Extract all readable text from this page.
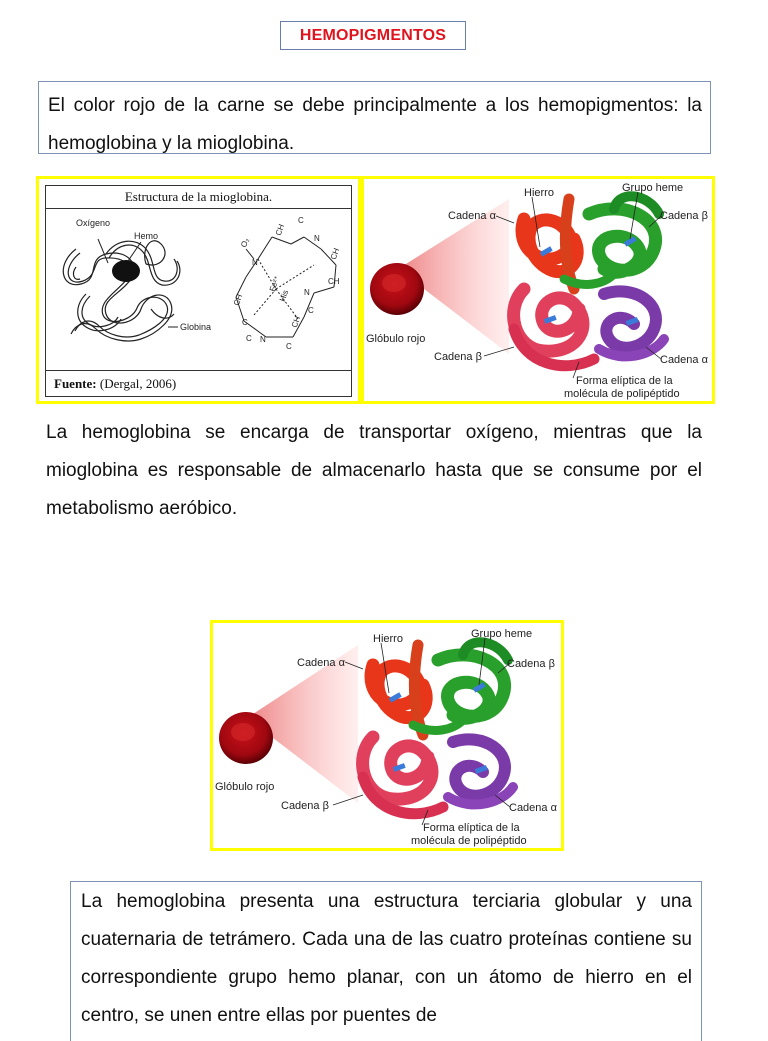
HEMOPIGMENTOS
El color rojo de la carne se debe principalmente a los hemopigmentos: la hemoglobina y la mioglobina.
Estructura de la mioglobina.
Oxígeno
Hemo
Globina
O₂
CH
C
N
CH
CH
N
Fe²⁺
His N
C
CH
C
N
C
CH
C
Fuente: (Dergal, 2006)
Hierro	Grupo heme
Cadena α	Cadena β
Glóbulo rojo
Cadena β	Cadena α
Forma elíptica de la
molécula de polipéptido
La hemoglobina se encarga de transportar oxígeno, mientras que la mioglobina es responsable de almacenarlo hasta que se consume por el metabolismo aeróbico.
Hierro	Grupo heme
Cadena α	Cadena β
Glóbulo rojo
Cadena β	Cadena α
Forma elíptica de la
molécula de polipéptido
La hemoglobina presenta una estructura terciaria globular y una cuaternaria de tetrámero. Cada una de las cuatro proteínas contiene su correspondiente grupo hemo planar, con un átomo de hierro en el centro, se unen entre ellas por puentes de
